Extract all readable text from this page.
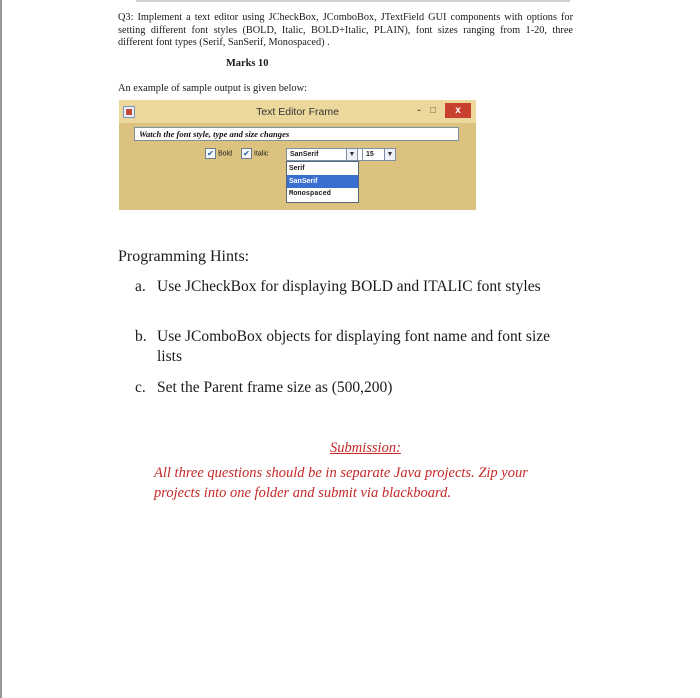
Q3: Implement a text editor using JCheckBox, JComboBox, JTextField GUI components with options for setting different font styles (BOLD, Italic, BOLD+Italic, PLAIN), font sizes ranging from 1-20, three different font types (Serif, SanSerif, Monospaced) .
Marks 10
An example of sample output is given below:
Text Editor Frame	- □	x
Watch the font style, type and size changes
✔ Bold ✔ Italic	SanSerif	▼	15	▼
Serif
SanSerif
Monospaced
Programming Hints:
a. Use JCheckBox for displaying BOLD and ITALIC font styles
b. Use JComboBox objects for displaying font name and font size lists
c. Set the Parent frame size as (500,200)
Submission:
All three questions should be in separate Java projects. Zip your projects into one folder and submit via blackboard.
